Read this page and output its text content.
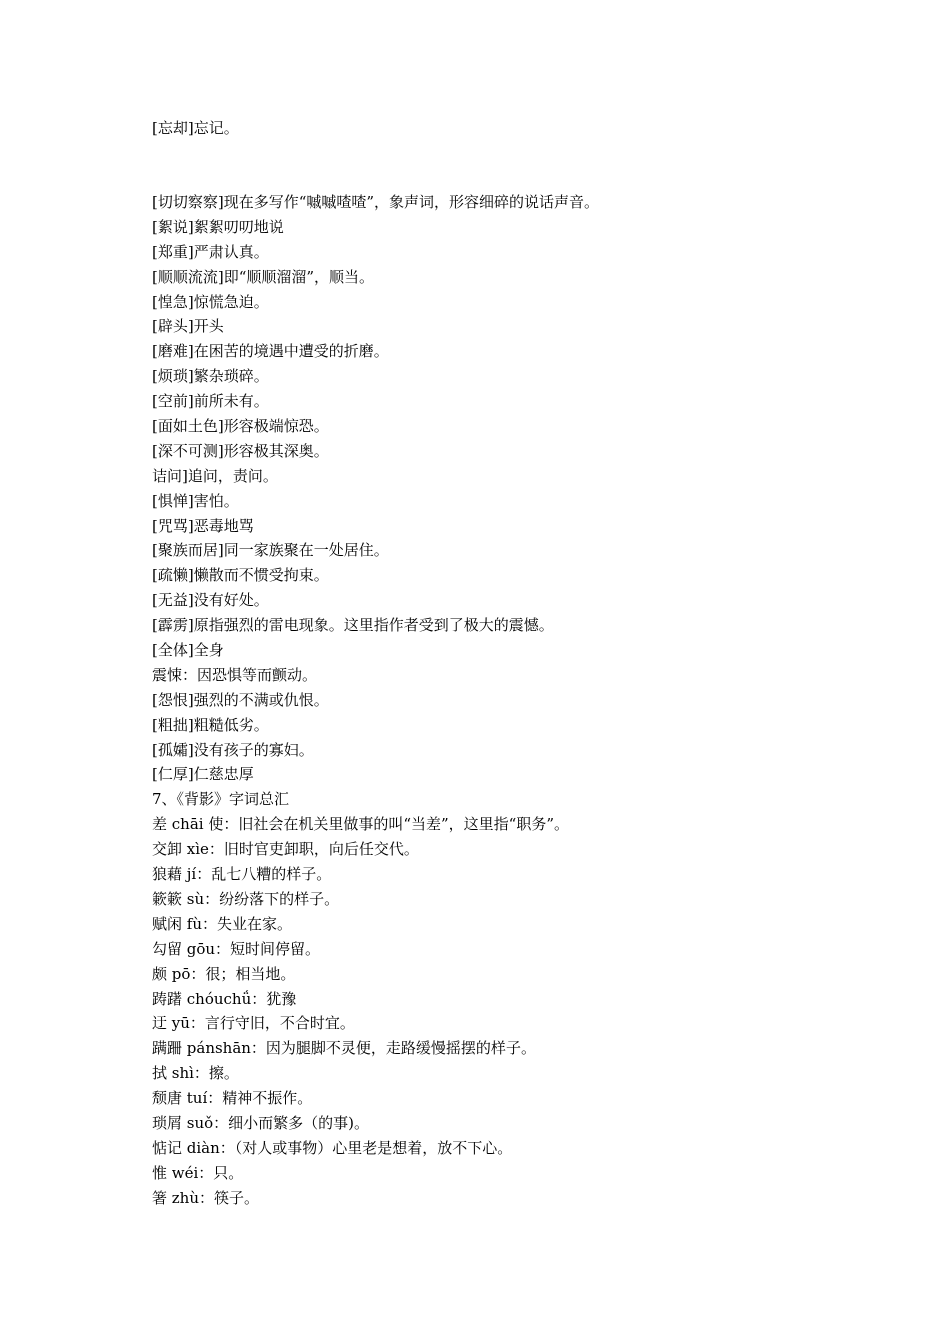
[忘却]忘记。
[切切察察]现在多写作“嘁嘁喳喳”，象声词，形容细碎的说话声音。
[絮说]絮絮叨叨地说
[郑重]严肃认真。
[顺顺流流]即“顺顺溜溜”，顺当。
[惶急]惊慌急迫。
[辟头]开头
[磨难]在困苦的境遇中遭受的折磨。
[烦琐]繁杂琐碎。
[空前]前所未有。
[面如土色]形容极端惊恐。
[深不可测]形容极其深奥。
诘问]追问，责问。
[惧惮]害怕。
[咒骂]恶毒地骂
[聚族而居]同一家族聚在一处居住。
[疏懒]懒散而不惯受拘束。
[无益]没有好处。
[霹雳]原指强烈的雷电现象。这里指作者受到了极大的震憾。
[全体]全身
震悚：因恐惧等而颤动。
[怨恨]强烈的不满或仇恨。
[粗拙]粗糙低劣。
[孤孀]没有孩子的寡妇。
[仁厚]仁慈忠厚
7、《背影》字词总汇
差 chāi 使：旧社会在机关里做事的叫“当差”，这里指“职务”。
交卸 xìe：旧时官吏卸职，向后任交代。
狼藉 jí：乱七八糟的样子。
簌簌 sù：纷纷落下的样子。
赋闲 fù：失业在家。
勾留 gōu：短时间停留。
颇 pō：很；相当地。
踌躇 chóuchǘ：犹豫
迂 yū：言行守旧，不合时宜。
蹒跚 pánshān：因为腿脚不灵便，走路缓慢摇摆的样子。
拭 shì：擦。
颓唐 tuí：精神不振作。
琐屑 suǒ：细小而繁多（的事)。
惦记 diàn：（对人或事物）心里老是想着，放不下心。
惟 wéi：只。
箸 zhù：筷子。
